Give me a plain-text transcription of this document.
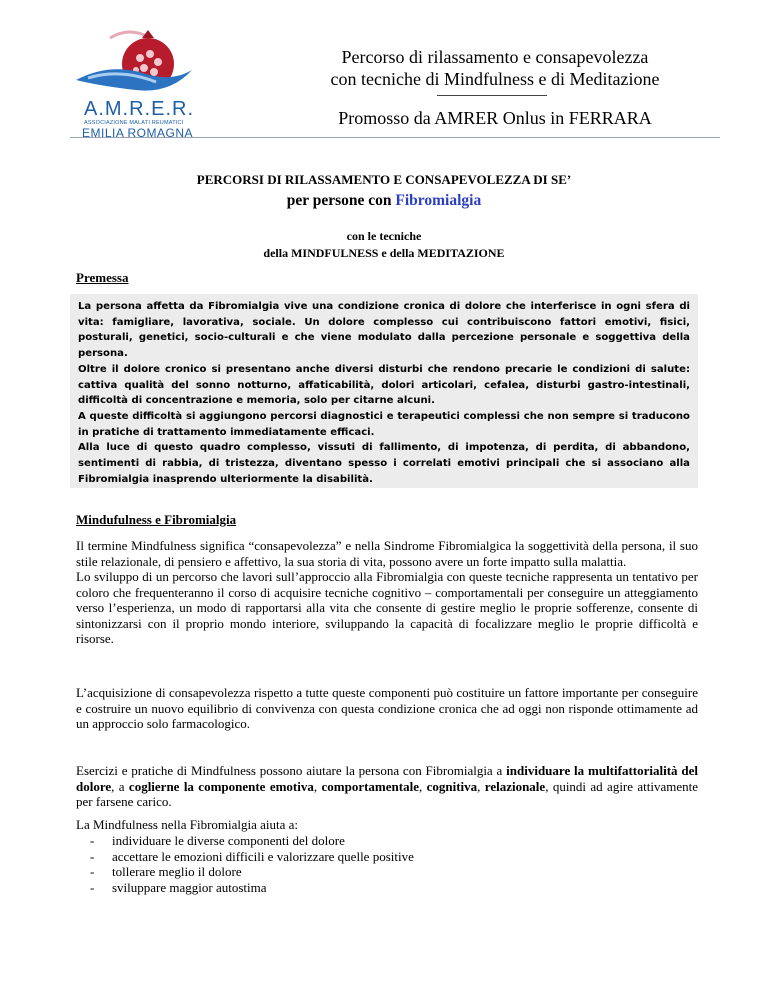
A.M.R.E.R.
ASSOCIAZIONE MALATI REUMATICI
EMILIA ROMAGNA
Percorso di rilassamento e consapevolezza
con tecniche di Mindfulness e di Meditazione
Promosso da AMRER Onlus in FERRARA
PERCORSI DI RILASSAMENTO E CONSAPEVOLEZZA DI SE’
per persone con Fibromialgia
con le tecniche
della MINDFULNESS e della MEDITAZIONE
Premessa

La persona affetta da Fibromialgia vive una condizione cronica di dolore che interferisce in ogni sfera di vita: famigliare, lavorativa, sociale. Un dolore complesso cui contribuiscono fattori emotivi, fisici, posturali, genetici, socio-culturali e che viene modulato dalla percezione personale e soggettiva della persona.

Oltre il dolore cronico si presentano anche diversi disturbi che rendono precarie le condizioni di salute: cattiva qualità del sonno notturno, affaticabilità, dolori articolari, cefalea, disturbi gastro-intestinali, difficoltà di concentrazione e memoria, solo per citarne alcuni.

A queste difficoltà si aggiungono percorsi diagnostici e terapeutici complessi che non sempre si traducono in pratiche di trattamento immediatamente efficaci.

Alla luce di questo quadro complesso, vissuti di fallimento, di impotenza, di perdita, di abbandono, sentimenti di rabbia, di tristezza, diventano spesso i correlati emotivi principali che si associano alla Fibromialgia inasprendo ulteriormente la disabilità.

Mindufulness e Fibromialgia

Il termine Mindfulness significa “consapevolezza” e nella Sindrome Fibromialgica la soggettività della persona, il suo stile relazionale, di pensiero e affettivo, la sua storia di vita, possono avere un forte impatto sulla malattia.

Lo sviluppo di un percorso che lavori sull’approccio alla Fibromialgia con queste tecniche rappresenta un tentativo per coloro che frequenteranno il corso di acquisire tecniche cognitivo – comportamentali per conseguire un atteggiamento verso l’esperienza, un modo di rapportarsi alla vita che consente di gestire meglio le proprie sofferenze, consente di sintonizzarsi con il proprio mondo interiore, sviluppando la capacità di focalizzare meglio le proprie difficoltà e risorse.

L’acquisizione di consapevolezza rispetto a tutte queste componenti può costituire un fattore importante per conseguire e costruire un nuovo equilibrio di convivenza con questa condizione cronica che ad oggi non risponde ottimamente ad un approccio solo farmacologico.
Esercizi e pratiche di Mindfulness possono aiutare la persona con Fibromialgia a individuare la multifattorialità del dolore, a coglierne la componente emotiva, comportamentale, cognitiva, relazionale, quindi ad agire attivamente per farsene carico.
La Mindfulness nella Fibromialgia aiuta a:
-	individuare le diverse componenti del dolore
-	accettare le emozioni difficili e valorizzare quelle positive
-	tollerare meglio il dolore
-	sviluppare maggior autostima
